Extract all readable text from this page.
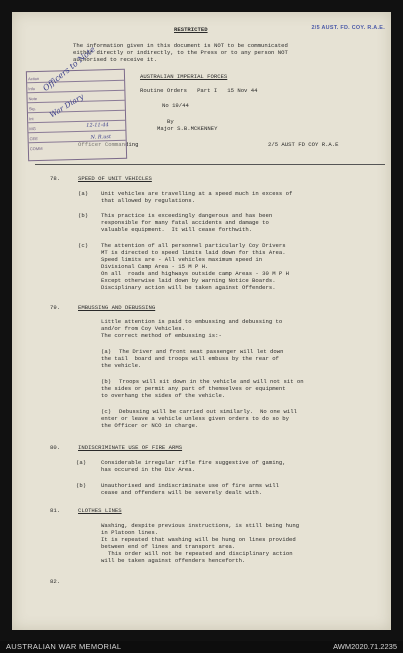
RESTRICTED	2/5 AUST. FD. COY. R.A.E.
The information given in this document is NOT to be communicated
either directly or indirectly, to the Press or to any person NOT
authorised to receive it.
AUSTRALIAN IMPERIAL FORCES
Routine Orders   Part I   15 Nov 44
No 19/44
By
Major S.B.MCKENNEY
Officer Commanding	2/5 AUST FD COY R.A.E
Action
Info
Note
Sig.
Int
MG
CEE
COMM
Officers to Note
War Diary
12-11-44
N. R.ust
78.	SPEED OF UNIT VEHICLES
(a) Unit vehicles are travelling at a speed much in excess of
that allowed by regulations.
(b) This practice is exceedingly dangerous and has been
responsible for many fatal accidents and damage to
valuable equipment.  It will cease forthwith.
(c) The attention of all personnel particularly Coy Drivers
MT is directed to speed limits laid down for this Area.
Speed limits are - All vehicles maximum speed in
Divisional Camp Area - 15 M P H.
On all  roads and highways outside camp Areas - 30 M P H
Except otherwise laid down by warning Notice Boards.
Disciplinary action will be taken against Offenders.
79.	EMBUSSING AND DEBUSSING
Little attention is paid to embussing and debussing to
and/or from Coy Vehicles.
The correct method of embussing is:-
(a) The Driver and front seat passenger will let down
the tail  board and troops will embuss by the rear of
the vehicle.
(b) Troops will sit down in the vehicle and will not sit on
the sides or permit any part of themselves or equipment
to overhang the sides of the vehicle.
(c) Debussing will be carried out similarly.  No one will
enter or leave a vehicle unless given orders to do so by
the Officer or NCO in charge.
80.	INDISCRIMINATE USE OF FIRE ARMS
(a)	Considerable irregular rifle fire suggestive of gaming,
has occured in the Div Area.
(b)	Unauthorised and indiscriminate use of fire arms will
cease and offenders will be severely dealt with.
81.	CLOTHES LINES
Washing, despite previous instructions, is still being hung
in Platoon lines.
It is repeated that washing will be hung on lines provided
between end of lines and transport area.
This order will not be repeated and disciplinary action
will be taken against offenders henceforth.
82.
AUSTRALIAN WAR MEMORIAL	AWM2020.71.2235
